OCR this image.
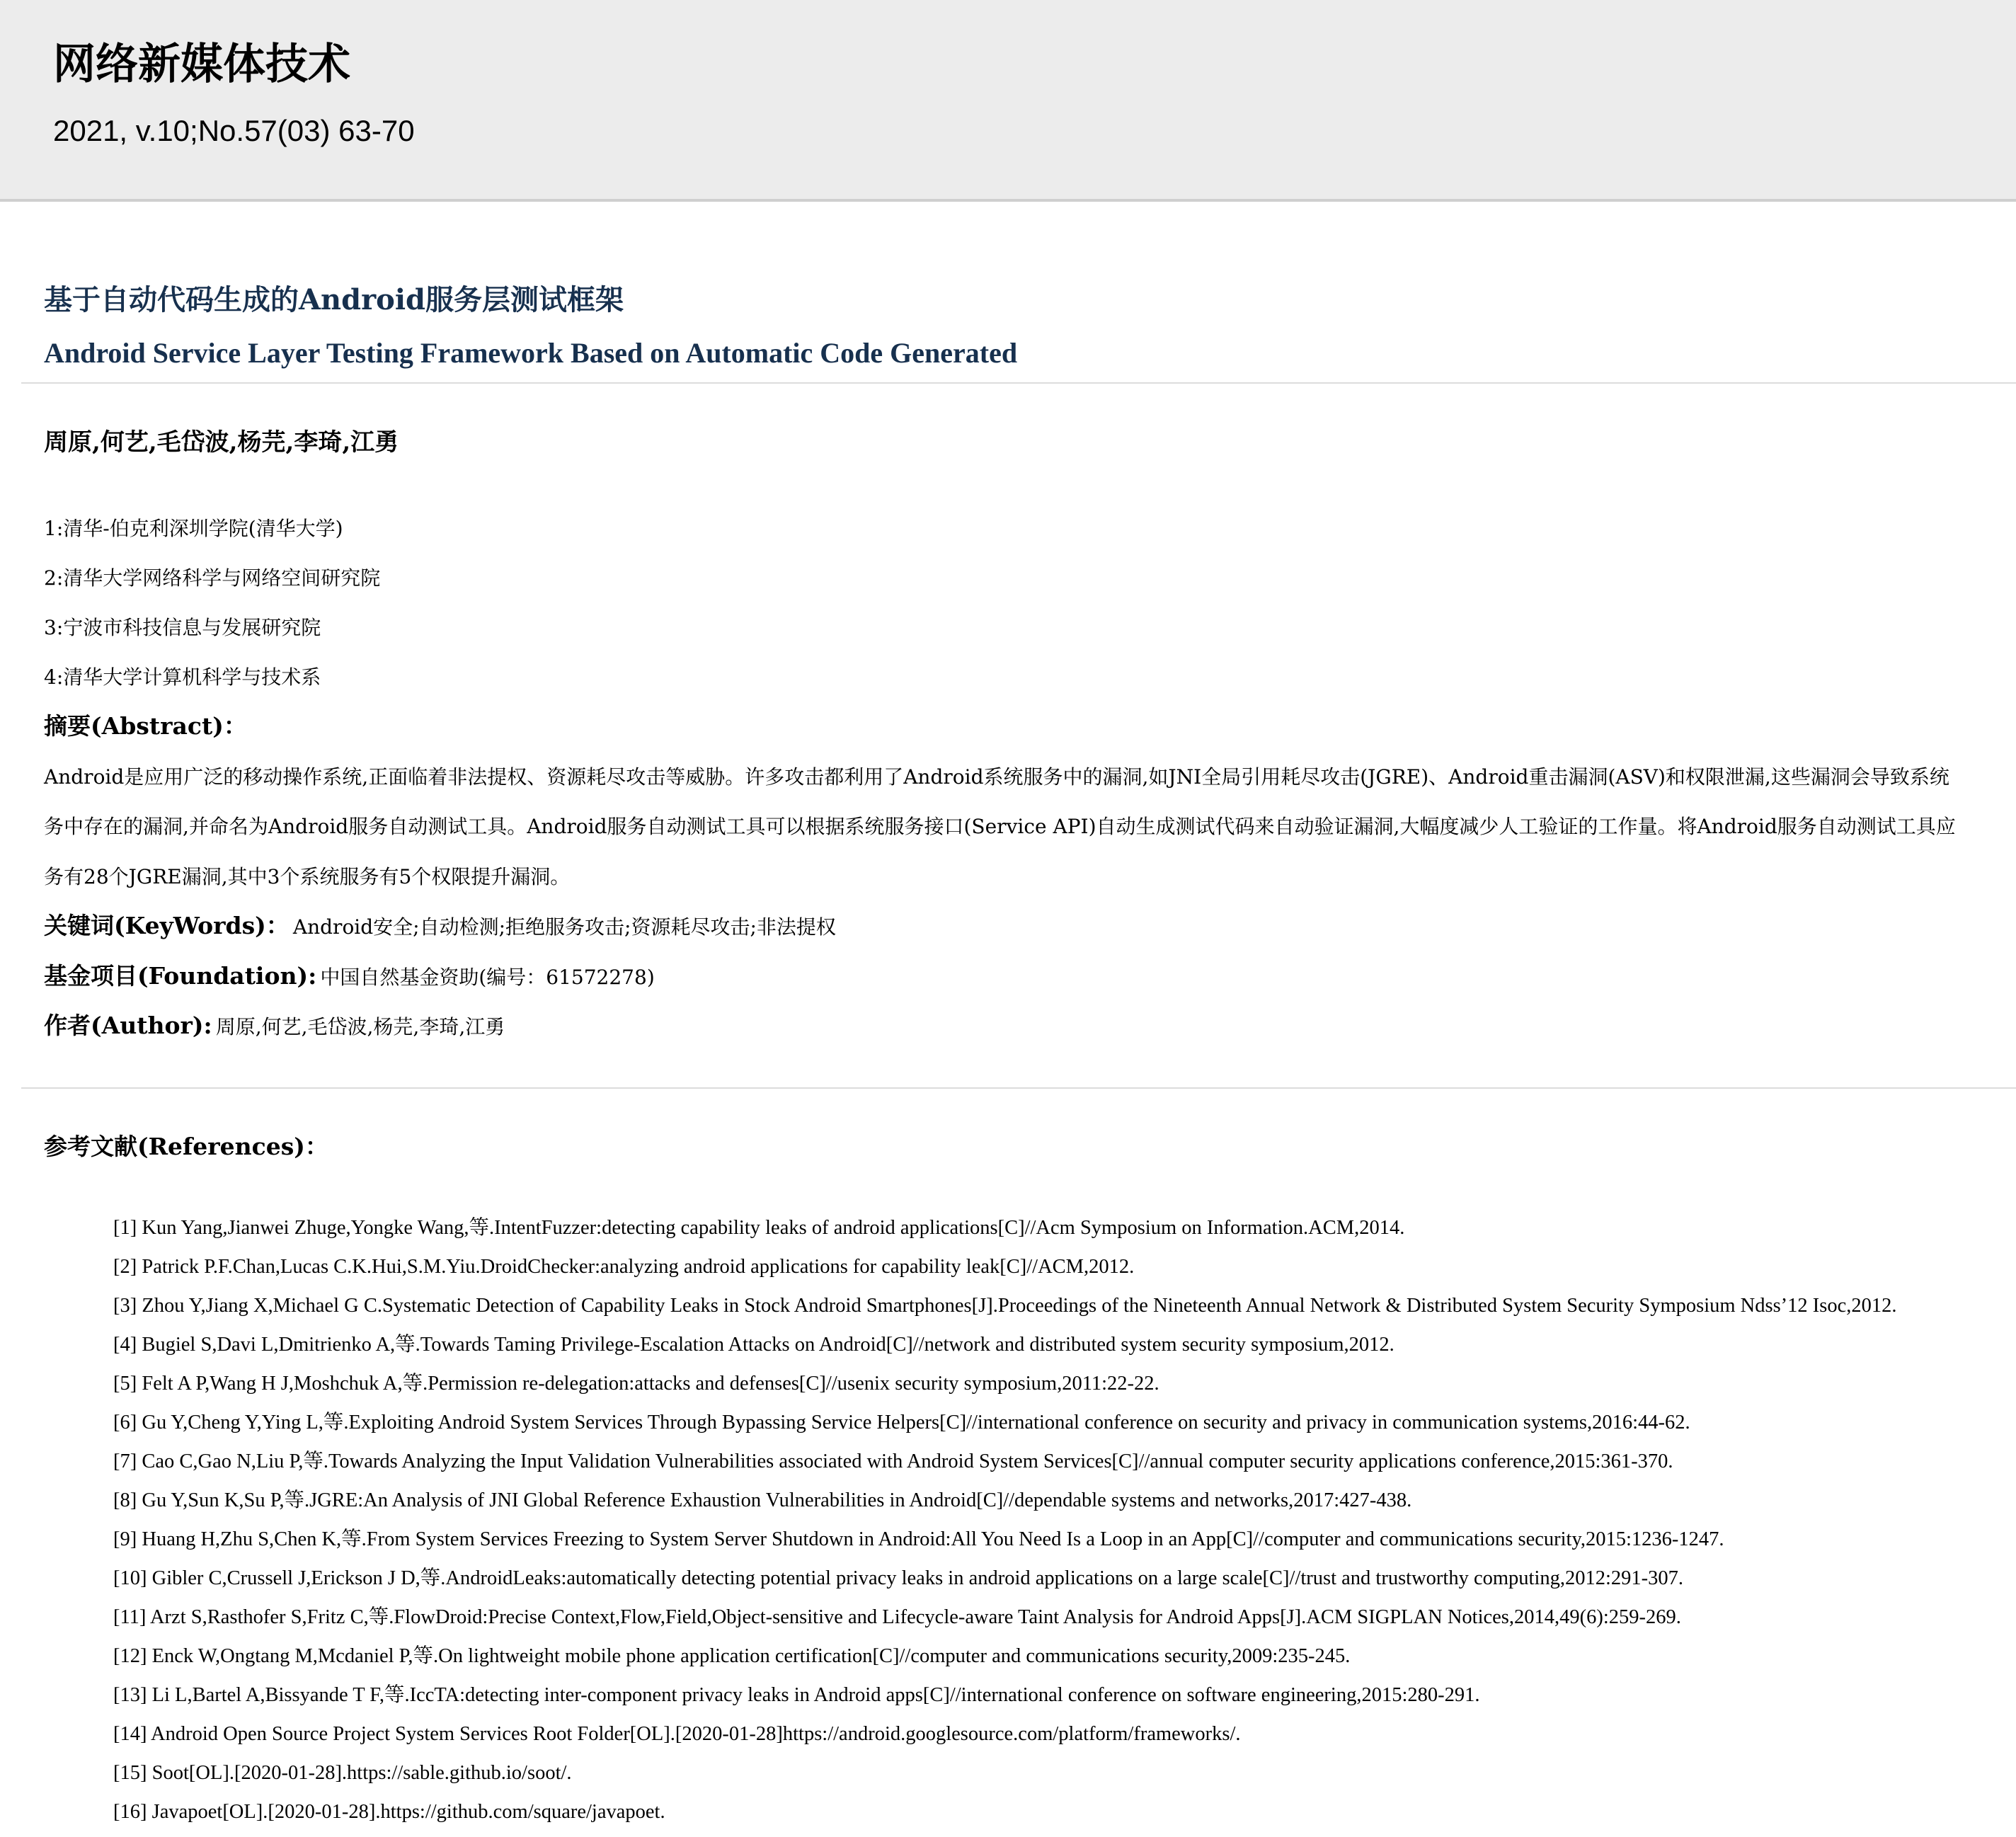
网络新媒体技术
2021, v.10;No.57(03) 63-70
基于自动代码生成的Android服务层测试框架
Android Service Layer Testing Framework Based on Automatic Code Generated
周原,何艺,毛岱波,杨芫,李琦,江勇
1:清华-伯克利深圳学院(清华大学)
2:清华大学网络科学与网络空间研究院
3:宁波市科技信息与发展研究院
4:清华大学计算机科学与技术系
摘要(Abstract)：
Android是应用广泛的移动操作系统,正面临着非法提权、资源耗尽攻击等威胁。许多攻击都利用了Android系统服务中的漏洞,如JNI全局引用耗尽攻击(JGRE)、Android重击漏洞(ASV)和权限泄漏,这些漏洞会导致系统
务中存在的漏洞,并命名为Android服务自动测试工具。Android服务自动测试工具可以根据系统服务接口(Service API)自动生成测试代码来自动验证漏洞,大幅度减少人工验证的工作量。将Android服务自动测试工具应
务有28个JGRE漏洞,其中3个系统服务有5个权限提升漏洞。
关键词(KeyWords)： Android安全;自动检测;拒绝服务攻击;资源耗尽攻击;非法提权
基金项目(Foundation): 中国自然基金资助(编号：61572278)
作者(Author): 周原,何艺,毛岱波,杨芫,李琦,江勇
参考文献(References)：
[1] Kun Yang,Jianwei Zhuge,Yongke Wang,等.IntentFuzzer:detecting capability leaks of android applications[C]//Acm Symposium on Information.ACM,2014.
[2] Patrick P.F.Chan,Lucas C.K.Hui,S.M.Yiu.DroidChecker:analyzing android applications for capability leak[C]//ACM,2012.
[3] Zhou Y,Jiang X,Michael G C.Systematic Detection of Capability Leaks in Stock Android Smartphones[J].Proceedings of the Nineteenth Annual Network & Distributed System Security Symposium Ndss’12 Isoc,2012.
[4] Bugiel S,Davi L,Dmitrienko A,等.Towards Taming Privilege-Escalation Attacks on Android[C]//network and distributed system security symposium,2012.
[5] Felt A P,Wang H J,Moshchuk A,等.Permission re-delegation:attacks and defenses[C]//usenix security symposium,2011:22-22.
[6] Gu Y,Cheng Y,Ying L,等.Exploiting Android System Services Through Bypassing Service Helpers[C]//international conference on security and privacy in communication systems,2016:44-62.
[7] Cao C,Gao N,Liu P,等.Towards Analyzing the Input Validation Vulnerabilities associated with Android System Services[C]//annual computer security applications conference,2015:361-370.
[8] Gu Y,Sun K,Su P,等.JGRE:An Analysis of JNI Global Reference Exhaustion Vulnerabilities in Android[C]//dependable systems and networks,2017:427-438.
[9] Huang H,Zhu S,Chen K,等.From System Services Freezing to System Server Shutdown in Android:All You Need Is a Loop in an App[C]//computer and communications security,2015:1236-1247.
[10] Gibler C,Crussell J,Erickson J D,等.AndroidLeaks:automatically detecting potential privacy leaks in android applications on a large scale[C]//trust and trustworthy computing,2012:291-307.
[11] Arzt S,Rasthofer S,Fritz C,等.FlowDroid:Precise Context,Flow,Field,Object-sensitive and Lifecycle-aware Taint Analysis for Android Apps[J].ACM SIGPLAN Notices,2014,49(6):259-269.
[12] Enck W,Ongtang M,Mcdaniel P,等.On lightweight mobile phone application certification[C]//computer and communications security,2009:235-245.
[13] Li L,Bartel A,Bissyande T F,等.IccTA:detecting inter-component privacy leaks in Android apps[C]//international conference on software engineering,2015:280-291.
[14] Android Open Source Project System Services Root Folder[OL].[2020-01-28]https://android.googlesource.com/platform/frameworks/.
[15] Soot[OL].[2020-01-28].https://sable.github.io/soot/.
[16] Javapoet[OL].[2020-01-28].https://github.com/square/javapoet.
